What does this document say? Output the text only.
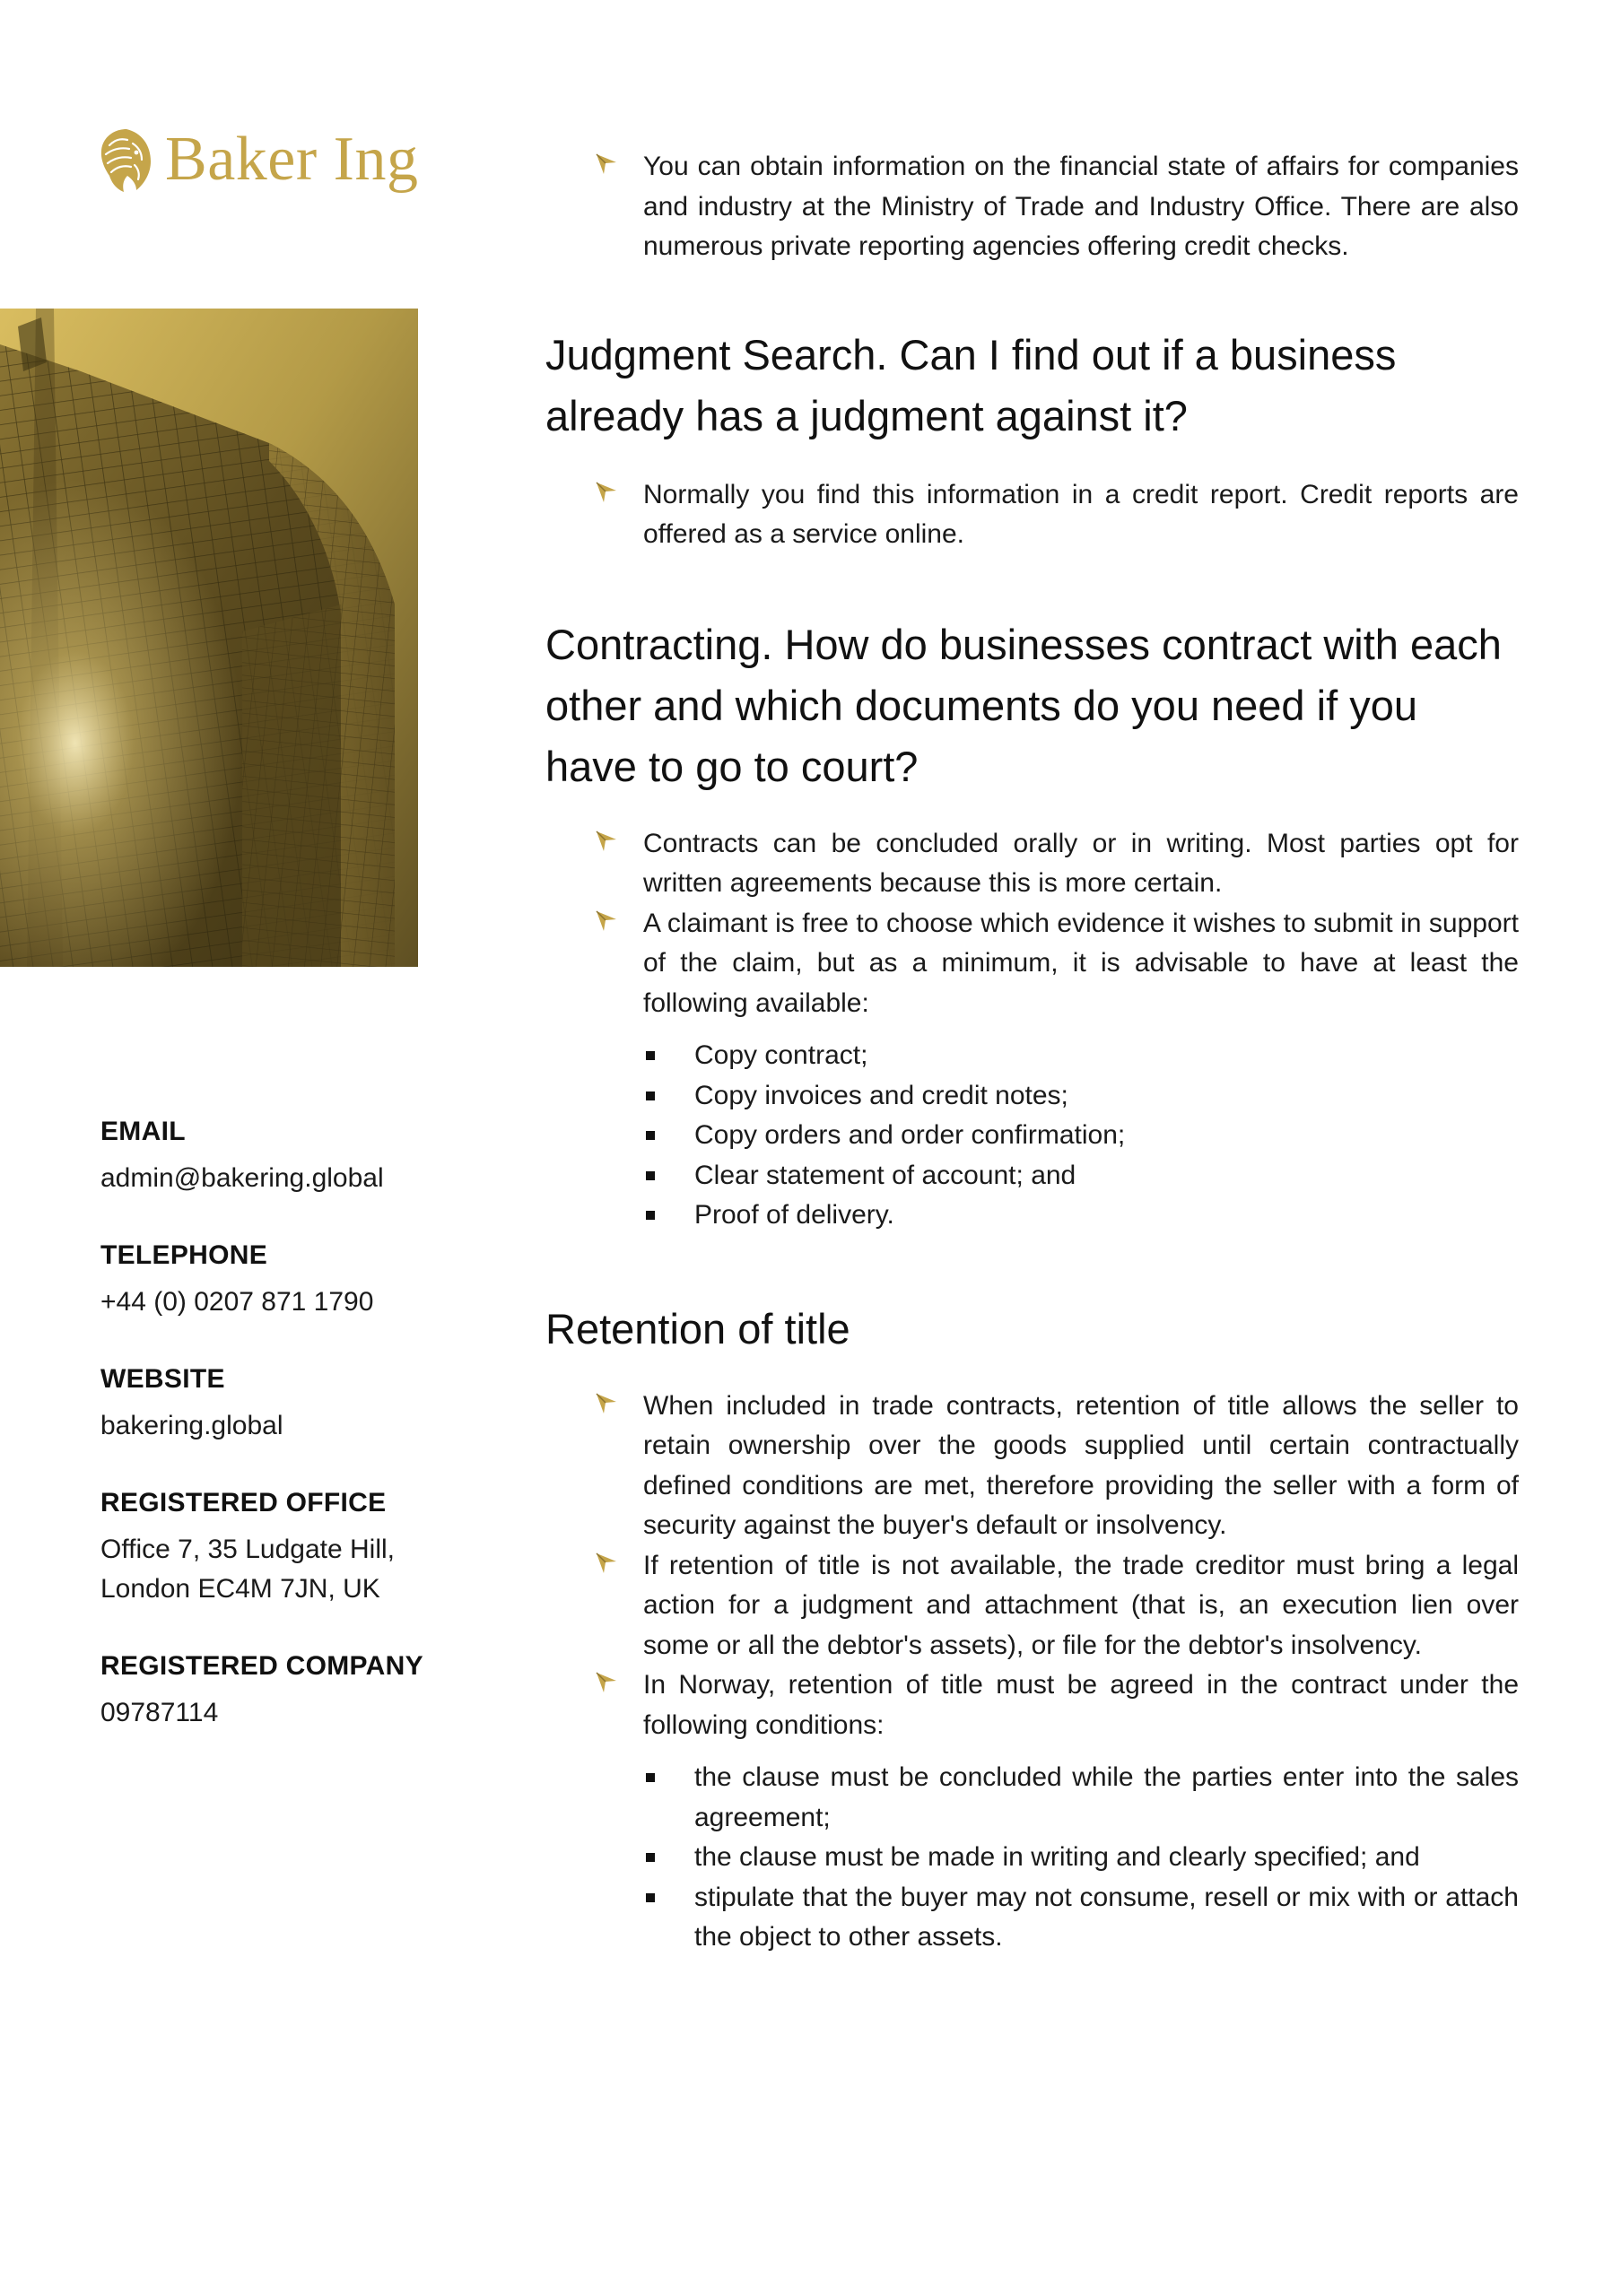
Baker Ing
EMAIL
admin@bakering.global
TELEPHONE
+44 (0) 0207 871 1790
WEBSITE
bakering.global
REGISTERED OFFICE
Office 7, 35 Ludgate Hill,
London EC4M 7JN, UK
REGISTERED COMPANY
09787114
You can obtain information on the financial state of affairs for companies and industry at the Ministry of Trade and Industry Office. There are also numerous private reporting agencies offering credit checks.
Judgment Search. Can I find out if a business already has a judgment against it?
Normally you find this information in a credit report. Credit reports are offered as a service online.
Contracting. How do businesses contract with each other and which documents do you need if you have to go to court?
Contracts can be concluded orally or in writing. Most parties opt for written agreements because this is more certain.
A claimant is free to choose which evidence it wishes to submit in support of the claim, but as a minimum, it is advisable to have at least the following available:
Copy contract;
Copy invoices and credit notes;
Copy orders and order confirmation;
Clear statement of account; and
Proof of delivery.
Retention of title
When included in trade contracts, retention of title allows the seller to retain ownership over the goods supplied until certain contractually defined conditions are met, therefore providing the seller with a form of security against the buyer's default or insolvency.
If retention of title is not available, the trade creditor must bring a legal action for a judgment and attachment (that is, an execution lien over some or all the debtor's assets), or file for the debtor's insolvency.
In Norway, retention of title must be agreed in the contract under the following conditions:
the clause must be concluded while the parties enter into the sales agreement;
the clause must be made in writing and clearly specified; and
stipulate that the buyer may not consume, resell or mix with or attach the object to other assets.
